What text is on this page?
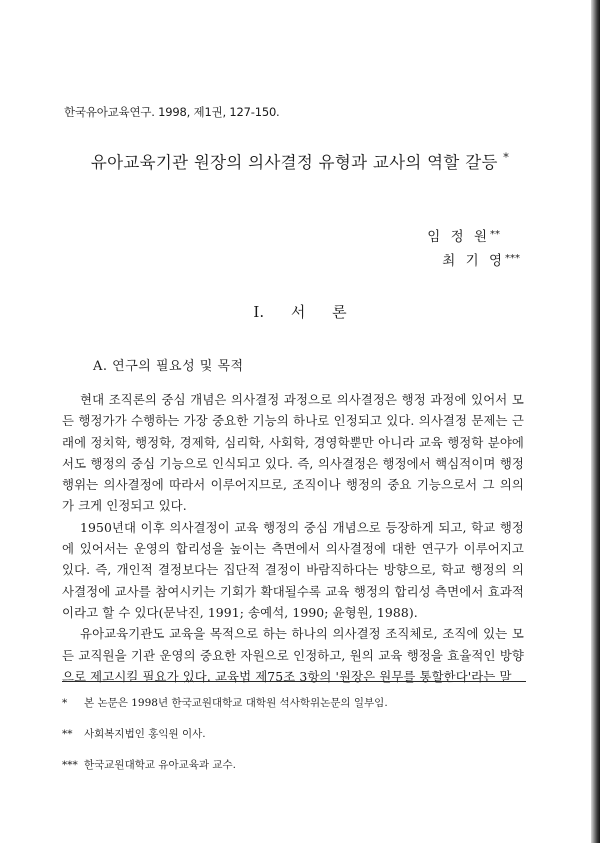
한국유아교육연구. 1998, 제1권, 127-150.
유아교육기관 원장의 의사결정 유형과 교사의 역할 갈등 *
임 정 원**
최 기 영***
I. 서 론
A. 연구의 필요성 및 목적

현대 조직론의 중심 개념은 의사결정 과정으로 의사결정은 행정 과정에 있어서 모든 행정가가 수행하는 가장 중요한 기능의 하나로 인정되고 있다. 의사결정 문제는 근래에 정치학, 행정학, 경제학, 심리학, 사회학, 경영학뿐만 아니라 교육 행정학 분야에서도 행정의 중심 기능으로 인식되고 있다. 즉, 의사결정은 행정에서 핵심적이며 행정 행위는 의사결정에 따라서 이루어지므로, 조직이나 행정의 중요 기능으로서 그 의의가 크게 인정되고 있다.

1950년대 이후 의사결정이 교육 행정의 중심 개념으로 등장하게 되고, 학교 행정에 있어서는 운영의 합리성을 높이는 측면에서 의사결정에 대한 연구가 이루어지고 있다. 즉, 개인적 결정보다는 집단적 결정이 바람직하다는 방향으로, 학교 행정의 의사결정에 교사를 참여시키는 기회가 확대될수록 교육 행정의 합리성 측면에서 효과적이라고 할 수 있다(문낙진, 1991; 송예석, 1990; 윤형원, 1988).

유아교육기관도 교육을 목적으로 하는 하나의 의사결정 조직체로, 조직에 있는 모든 교직원을 기관 운영의 중요한 자원으로 인정하고, 원의 교육 행정을 효율적인 방향으로 제고시킬 필요가 있다. 교육법 제75조 3항의 '원장은 원무를 통할한다'라는 말

* 본 논문은 1998년 한국교원대학교 대학원 석사학위논문의 일부임.
** 사회복지법인 홍익원 이사.
*** 한국교원대학교 유아교육과 교수.
